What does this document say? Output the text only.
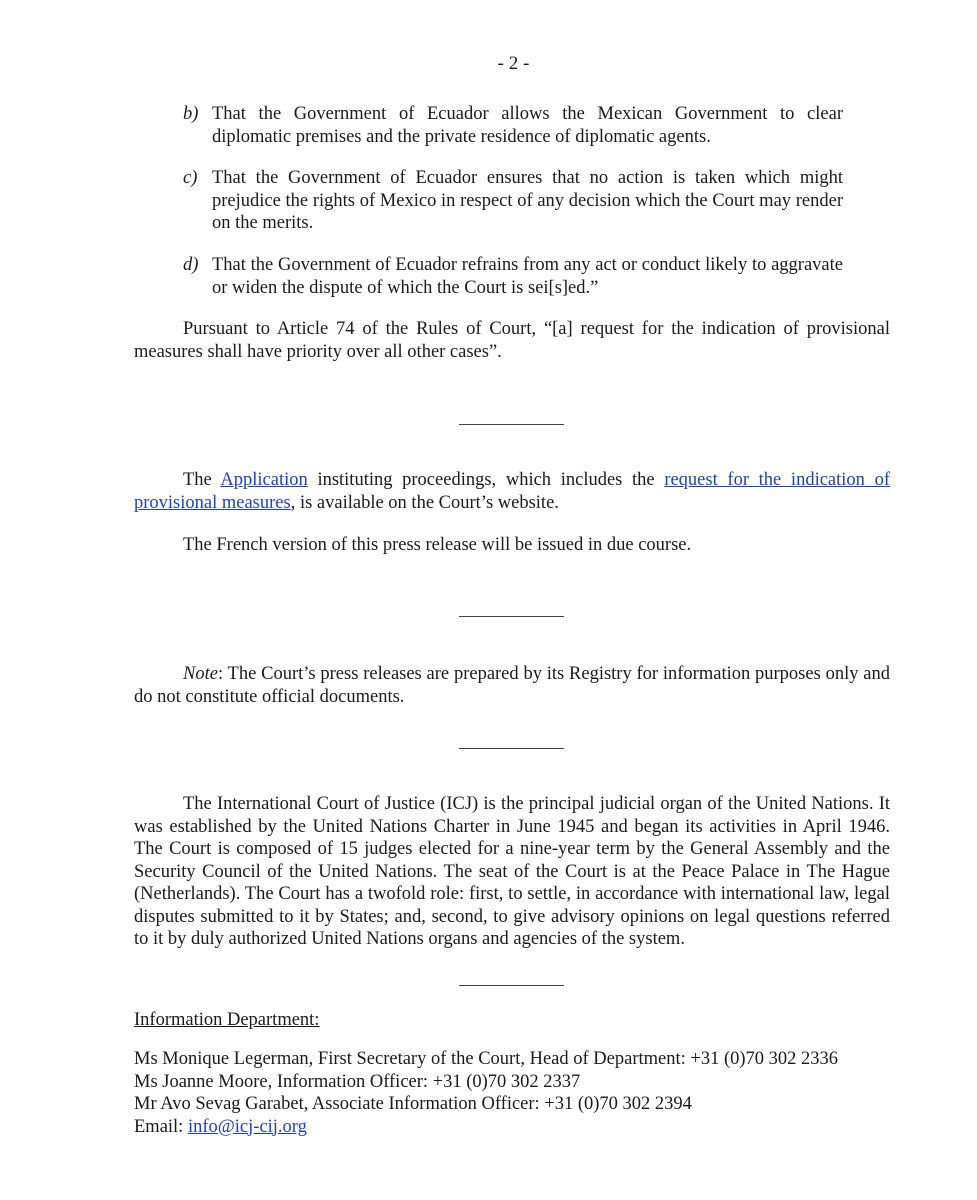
- 2 -
b) That the Government of Ecuador allows the Mexican Government to clear diplomatic premises and the private residence of diplomatic agents.
c) That the Government of Ecuador ensures that no action is taken which might prejudice the rights of Mexico in respect of any decision which the Court may render on the merits.
d) That the Government of Ecuador refrains from any act or conduct likely to aggravate or widen the dispute of which the Court is sei[s]ed.”
Pursuant to Article 74 of the Rules of Court, “[a] request for the indication of provisional measures shall have priority over all other cases”.
The Application instituting proceedings, which includes the request for the indication of provisional measures, is available on the Court’s website.
The French version of this press release will be issued in due course.
Note: The Court’s press releases are prepared by its Registry for information purposes only and do not constitute official documents.
The International Court of Justice (ICJ) is the principal judicial organ of the United Nations. It was established by the United Nations Charter in June 1945 and began its activities in April 1946. The Court is composed of 15 judges elected for a nine-year term by the General Assembly and the Security Council of the United Nations. The seat of the Court is at the Peace Palace in The Hague (Netherlands). The Court has a twofold role: first, to settle, in accordance with international law, legal disputes submitted to it by States; and, second, to give advisory opinions on legal questions referred to it by duly authorized United Nations organs and agencies of the system.
Information Department:
Ms Monique Legerman, First Secretary of the Court, Head of Department: +31 (0)70 302 2336
Ms Joanne Moore, Information Officer: +31 (0)70 302 2337
Mr Avo Sevag Garabet, Associate Information Officer: +31 (0)70 302 2394
Email: info@icj-cij.org
